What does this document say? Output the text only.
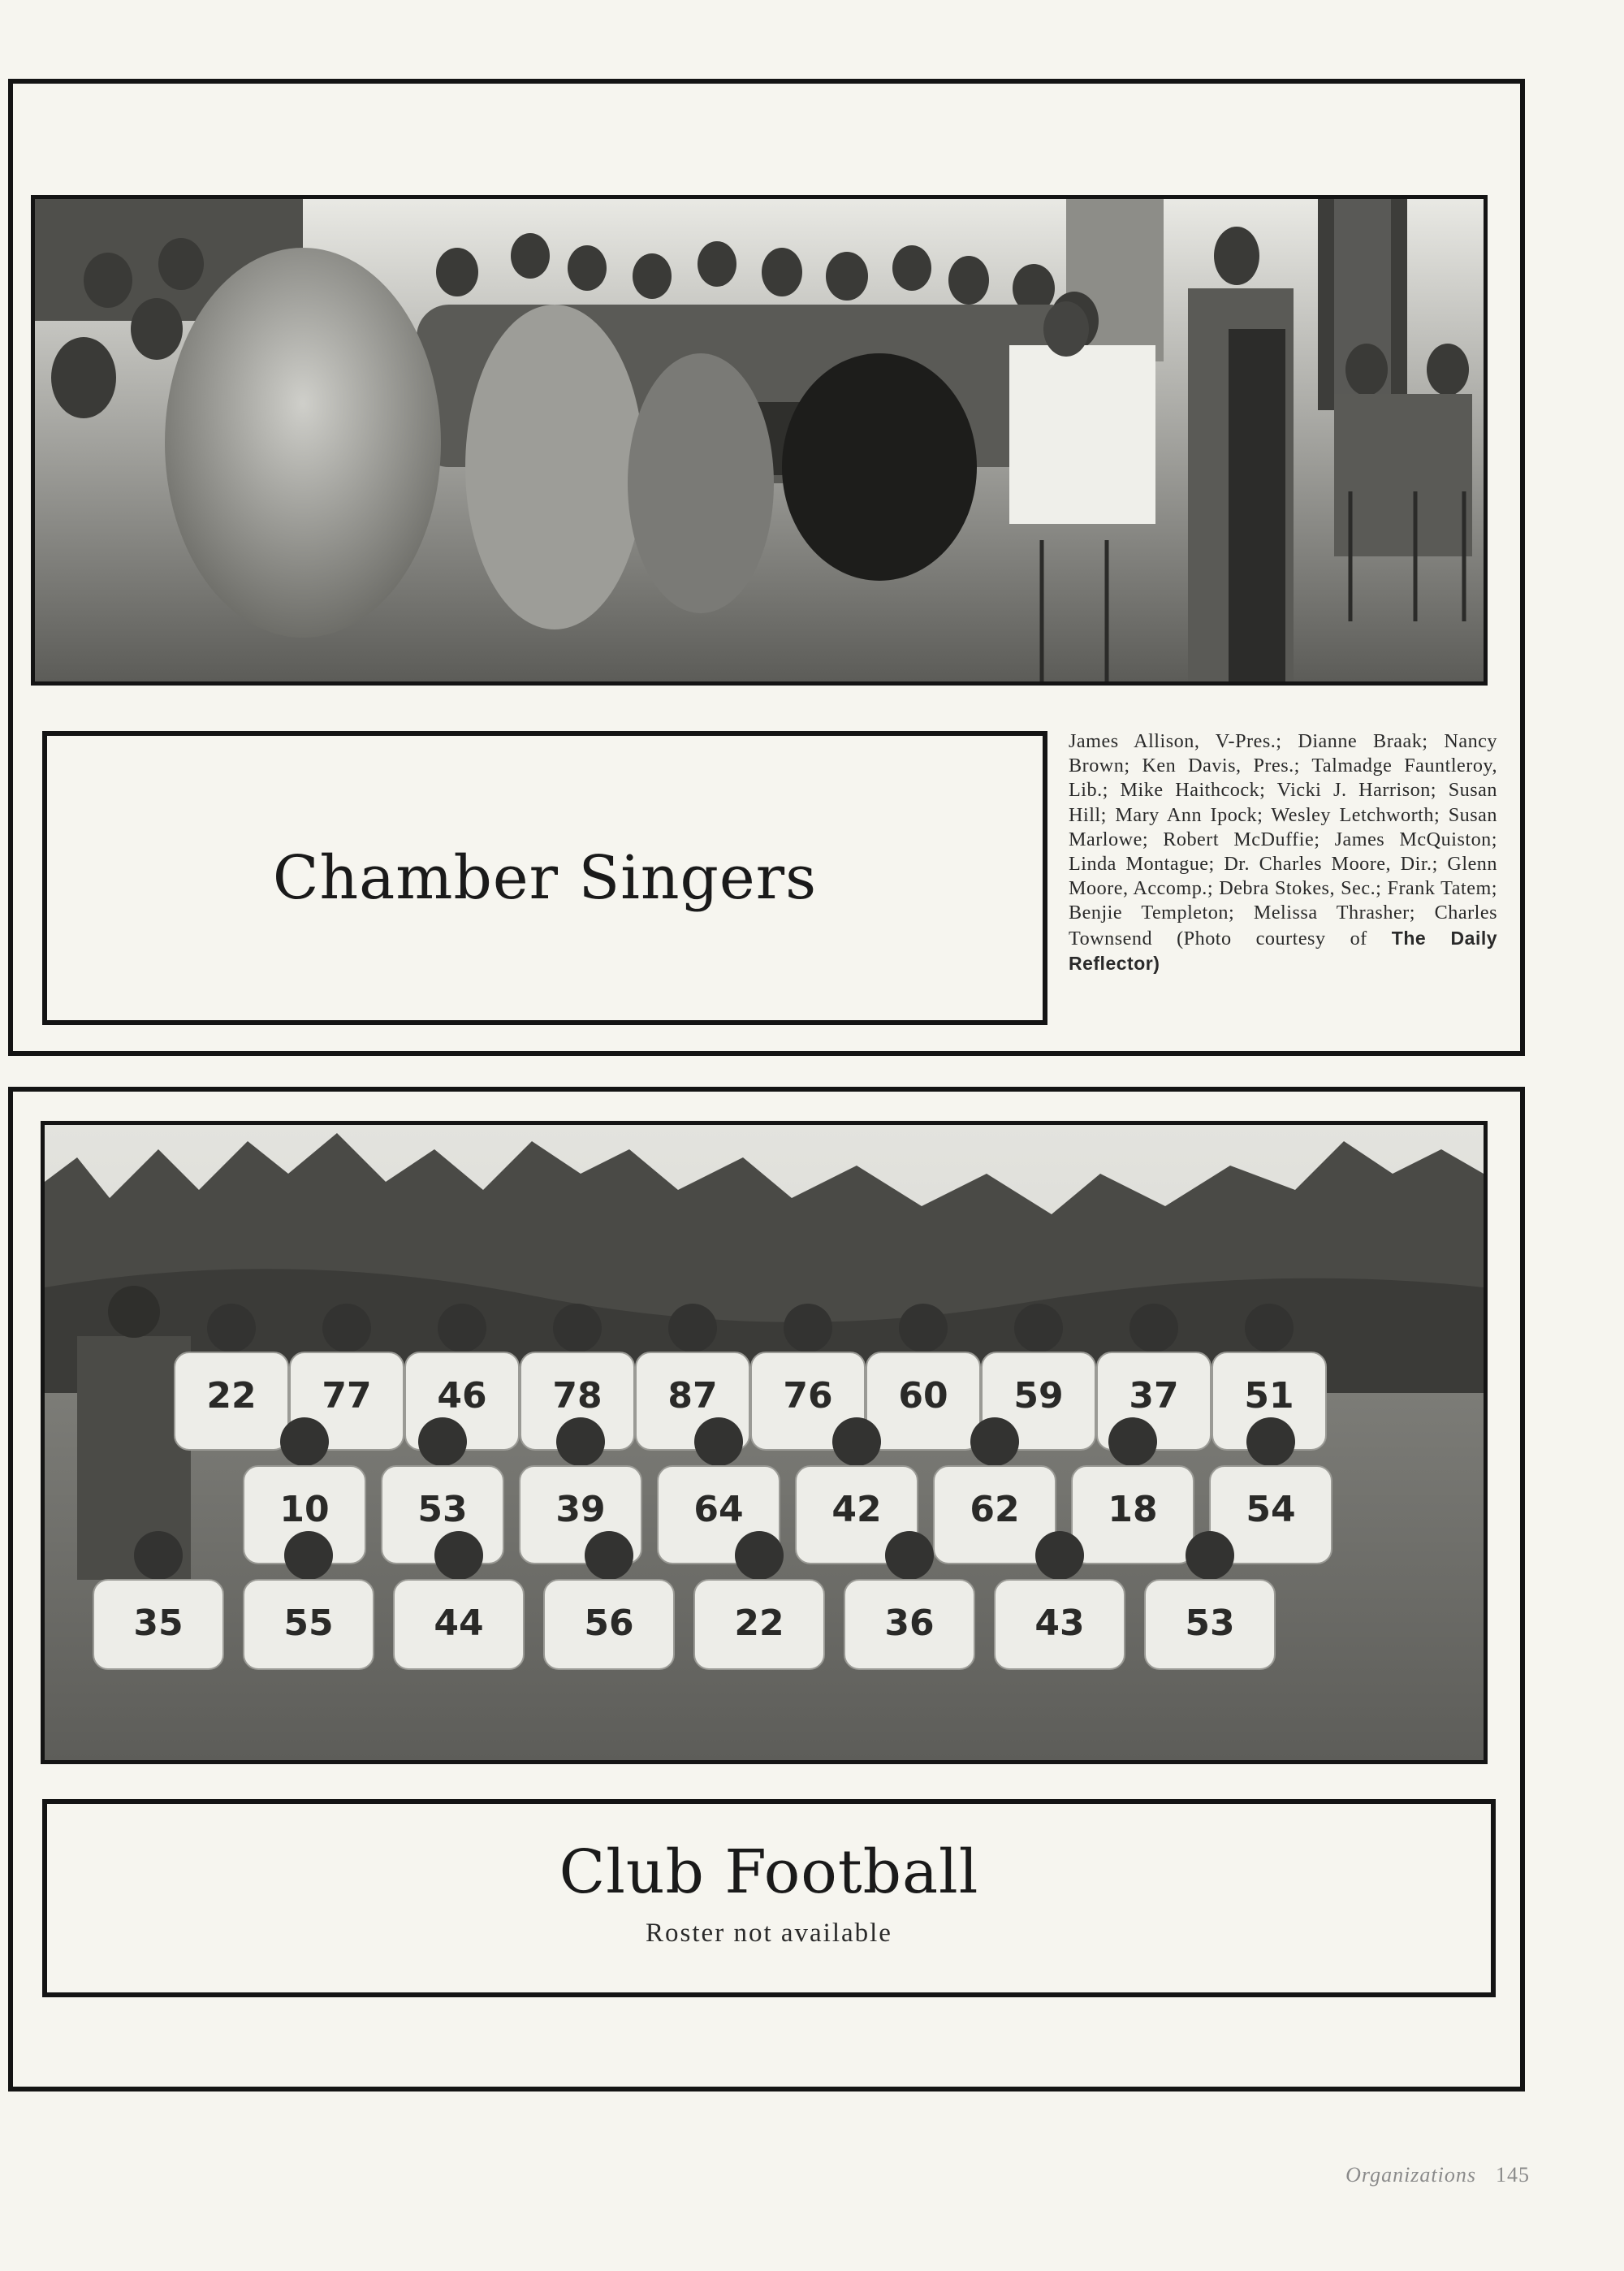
Chamber Singers
James Allison, V-Pres.; Dianne Braak; Nancy Brown; Ken Davis, Pres.; Talmadge Fauntleroy, Lib.; Mike Haithcock; Vicki J. Harrison; Susan Hill; Mary Ann Ipock; Wesley Letchworth; Susan Marlowe; Robert McDuffie; James McQuiston; Linda Montague; Dr. Charles Moore, Dir.; Glenn Moore, Accomp.; Debra Stokes, Sec.; Frank Tatem; Benjie Templeton; Melissa Thrasher; Charles Townsend (Photo courtesy of The Daily Reflector)
22 77 46 78 87 76 60 59 37 51
10 53 39 64 42 62 18 54
35	55	44	56	22	36	43	53
Club Football
Roster not available
Organizations 145
